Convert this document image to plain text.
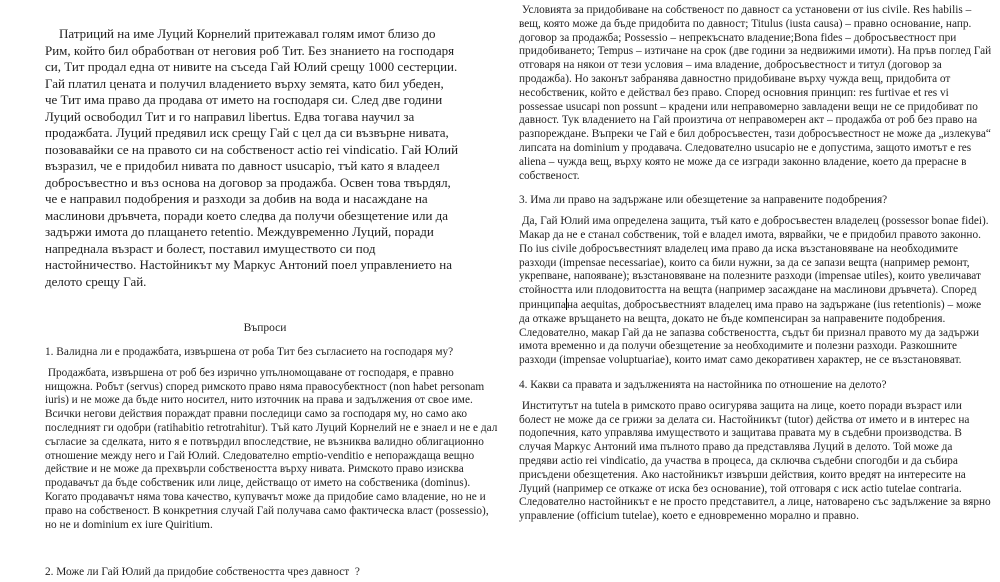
Патриций на име Луций Корнелий притежавал голям имот близо до Рим, който бил обработван от неговия роб Тит. Без знанието на господаря си, Тит продал една от нивите на съседа Гай Юлий срещу 1000 сестерции. Гай платил цената и получил владението върху земята, като бил убеден, че Тит има право да продава от името на господаря си. След две години Луций освободил Тит и го направил libertus. Едва тогава научил за продажбата. Луций предявил иск срещу Гай с цел да си възвърне нивата, позовавайки се на правото си на собственост actio rei vindicatio. Гай Юлий възразил, че е придобил нивата по давност usucapio, тъй като я владеел добросъвестно и въз основа на договор за продажба. Освен това твърдял, че е направил подобрения и разходи за добив на вода и насаждане на маслинови дръвчета, поради което следва да получи обезщетение или да задържи имота до плащането retentio. Междувременно Луций, поради напреднала възраст и болест, поставил имуществото си под настойничество. Настойникът му Маркус Антоний поел управлението на делото срещу Гай.

Въпроси

1. Валидна ли е продажбата, извършена от роба Тит без съгласието на господаря му?

Продажбата, извършена от роб без изрично упълномощаване от господаря, е правно нищожна. Робът (servus) според римското право няма правосубектност (non habet personam iuris) и не може да бъде нито носител, нито източник на права и задължения от свое име. Всички негови действия пораждат правни последици само за господаря му, но само ако последният ги одобри (ratihabitio retrotrahitur). Тъй като Луций Корнелий не е знаел и не е дал съгласие за сделката, нито я е потвърдил впоследствие, не възниква валидно облигационно отношение между него и Гай Юлий. Следователно emptio-venditio е непораждаща вещно действие и не може да прехвърли собствеността върху нивата. Римското право изисква продавачът да бъде собственик или лице, действащо от името на собственика (dominus). Когато продавачът няма това качество, купувачът може да придобие само владение, но не и право на собственост. В конкретния случай Гай получава само фактическа власт (possessio), но не и dominium ex iure Quiritium.

2. Може ли Гай Юлий да придобие собствеността чрез давност  ?

Условията за придобиване на собственост по давност са установени от ius civile. Res habilis – вещ, която може да бъде придобита по давност; Titulus (iusta causa) – правно основание, напр. договор за продажба; Possessio – непрекъснато владение;Bona fides – добросъвестност при придобиването; Tempus – изтичане на срок (две години за недвижими имоти). На пръв поглед Гай отговаря на някои от тези условия – има владение, добросъвестност и титул (договор за продажба). Но законът забранява давностно придобиване върху чужда вещ, придобита от несобственик, който е действал без право. Според основния принцип: res furtivae et res vi possessae usucapi non possunt – крадени или неправомерно завладени вещи не се придобиват по давност. Тук владението на Гай произтича от неправомерен акт – продажба от роб без право на разпореждане. Въпреки че Гай е бил добросъвестен, тази добросъвестност не може да „излекува“ липсата на dominium у продавача. Следователно usucapio не е допустима, защото имотът е res aliena – чужда вещ, върху която не може да се изгради законно владение, което да прерасне в собственост.

3. Има ли право на задържане или обезщетение за направените подобрения?

Да, Гай Юлий има определена защита, тъй като е добросъвестен владелец (possessor bonae fidei). Макар да не е станал собственик, той е владел имота, вярвайки, че е придобил правото законно. По ius civile добросъвестният владелец има право да иска възстановяване на необходимите разходи (impensae necessariae), които са били нужни, за да се запази вещта (например ремонт, укрепване, напояване); възстановяване на полезните разходи (impensae utiles), които увеличават стойността или плодовитостта на вещта (например засаждане на маслинови дръвчета). Според принципана aequitas, добросъвестният владелец има право на задържане (ius retentionis) – може да откаже връщането на вещта, докато не бъде компенсиран за направените подобрения. Следователно, макар Гай да не запазва собствеността, съдът би признал правото му да задържи имота временно и да получи обезщетение за необходимите и полезни разходи. Разкошните разходи (impensae voluptuariae), които имат само декоративен характер, не се възстановяват.

4. Какви са правата и задълженията на настойника по отношение на делото?

Институтът на tutela в римското право осигурява защита на лице, което поради възраст или болест не може да се грижи за делата си. Настойникът (tutor) действа от името и в интерес на подопечния, като управлява имуществото и защитава правата му в съдебни производства. В случая Маркус Антоний има пълното право да представлява Луций в делото. Той може да предяви actio rei vindicatio, да участва в процеса, да сключва съдебни спогодби и да събира присъдени обезщетения. Ако настойникът извърши действия, които вредят на интересите на Луций (например се откаже от иска без основание), той отговаря с иск actio tutelae contraria. Следователно настойникът е не просто представител, а лице, натоварено със задължение за вярно управление (officium tutelae), което е едновременно морално и правно.
